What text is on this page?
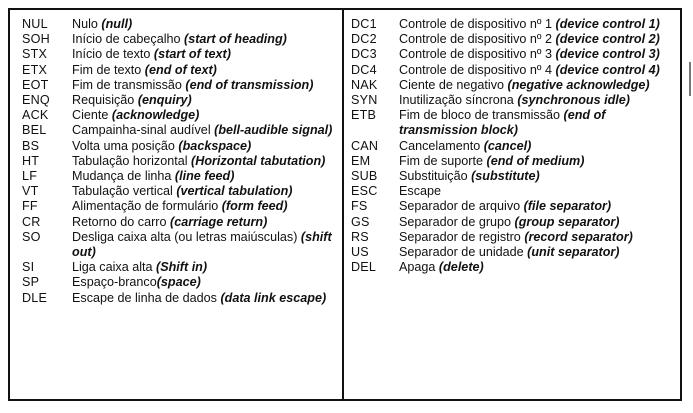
NUL	Nulo (null)
SOH	Início de cabeçalho (start of heading)
STX	Início de texto (start of text)
ETX	Fim de texto (end of text)
EOT	Fim de transmissão (end of transmission)
ENQ	Requisição (enquiry)
ACK	Ciente (acknowledge)
BEL	Campainha-sinal audível (bell-audible signal)
BS	Volta uma posição (backspace)
HT	Tabulação horizontal (Horizontal tabutation)
LF	Mudança de linha (line feed)
VT	Tabulação vertical (vertical tabulation)
FF	Alimentação de formulário (form feed)
CR	Retorno do carro (carriage return)
SO	Desliga caixa alta (ou letras maiúsculas) (shift out)
SI	Liga caixa alta (Shift in)
SP	Espaço-branco(space)
DLE	Escape de linha de dados (data link escape)
DC1	Controle de dispositivo nº 1 (device control 1)
DC2	Controle de dispositivo nº 2 (device control 2)
DC3	Controle de dispositivo nº 3 (device control 3)
DC4	Controle de dispositivo nº 4 (device control 4)
NAK	Ciente de negativo (negative acknowledge)
SYN	Inutilização síncrona (synchronous idle)
ETB	Fim de bloco de transmissão (end of transmission block)
CAN	Cancelamento (cancel)
EM	Fim de suporte (end of medium)
SUB	Substituição (substitute)
ESC	Escape
FS	Separador de arquivo (file separator)
GS	Separador de grupo (group separator)
RS	Separador de registro (record separator)
US	Separador de unidade (unit separator)
DEL	Apaga (delete)
